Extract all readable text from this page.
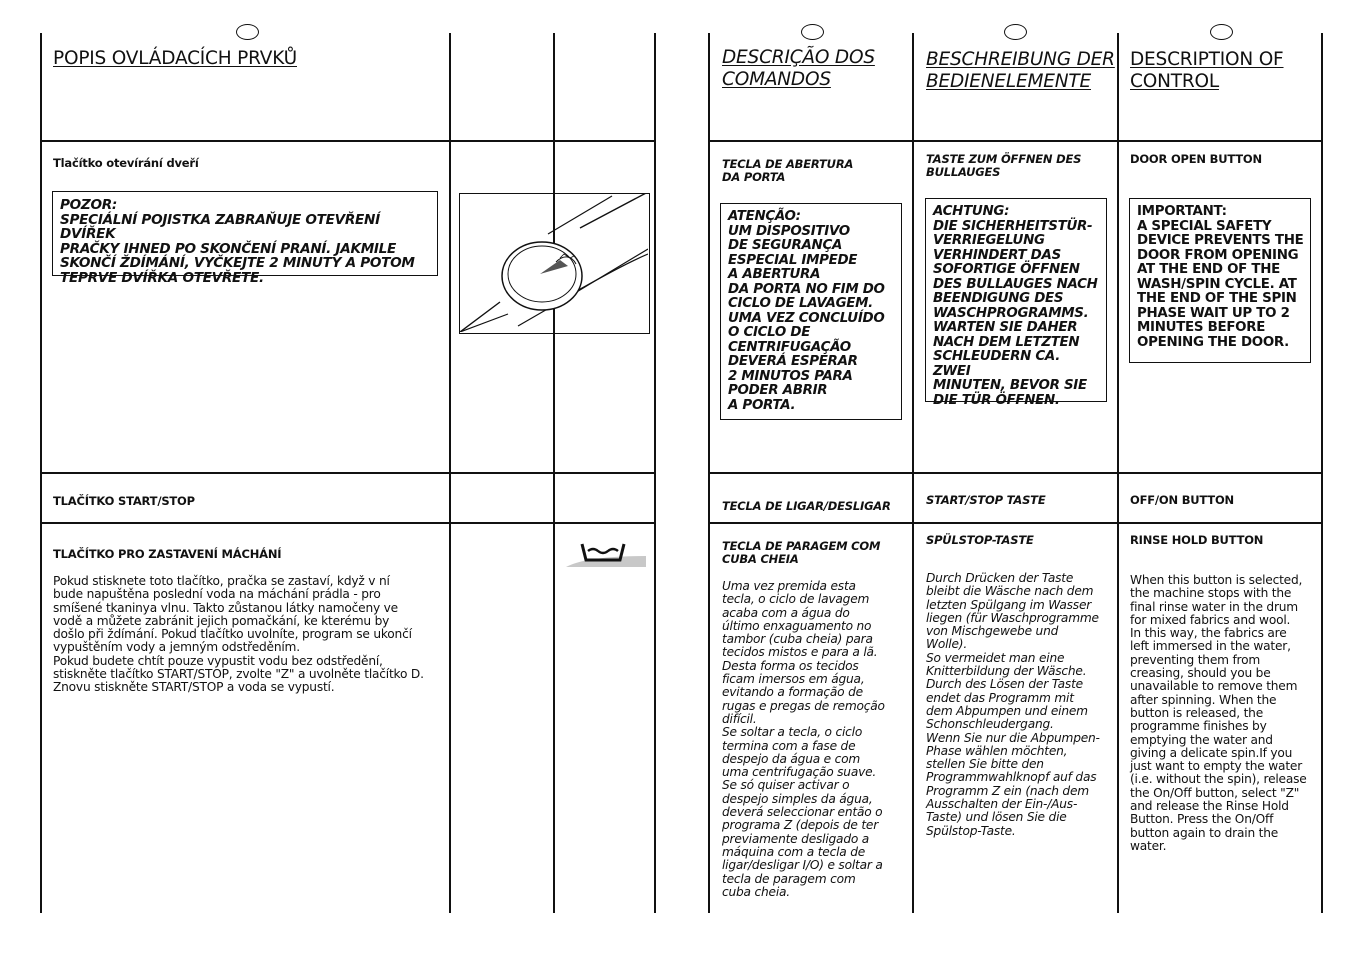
POPIS OVLÁDACÍCH PRVKŮ
Tlačítko otevírání dveří
POZOR:
SPECIÁLNÍ POJISTKA ZABRAŇUJE OTEVŘENÍ DVÍŘEK
PRAČKY IHNED PO SKONČENÍ PRANÍ. JAKMILE
SKONČÍ ŽDÍMÁNÍ, VYČKEJTE 2 MINUTY A POTOM
TEPRVE DVÍŘKA OTEVŘETE.
TLAČÍTKO START/STOP
TLAČÍTKO PRO ZASTAVENÍ MÁCHÁNÍ
Pokud stisknete toto tlačítko, pračka se zastaví, když v ní
bude napuštěna poslední voda na máchání prádla - pro
smíšené tkaninya vlnu. Takto zůstanou látky namočeny ve
vodě a můžete zabránit jejich pomačkání, ke kterému by
došlo při ždímání. Pokud tlačítko uvolníte, program se ukončí
vypuštěním vody a jemným odstředěním.
Pokud budete chtít pouze vypustit vodu bez odstředění,
stiskněte tlačítko START/STOP, zvolte "Z" a uvolněte tlačítko D.
Znovu stiskněte START/STOP a voda se vypustí.
DESCRIÇÃO DOS
COMANDOS
TECLA DE ABERTURA
DA PORTA
ATENÇÃO:
UM DISPOSITIVO
DE SEGURANÇA
ESPECIAL IMPEDE
A ABERTURA
DA PORTA NO FIM DO
CICLO DE LAVAGEM.
UMA VEZ CONCLUÍDO
O CICLO DE
CENTRIFUGAÇÃO
DEVERÁ ESPERAR
2 MINUTOS PARA
PODER ABRIR
A PORTA.
TECLA DE LIGAR/DESLIGAR
TECLA DE PARAGEM COM
CUBA CHEIA
Uma vez premida esta
tecla, o ciclo de lavagem
acaba com a água do
último enxaguamento no
tambor (cuba cheia) para
tecidos mistos e para a lã.
Desta forma os tecidos
ficam imersos em água,
evitando a formação de
rugas e pregas de remoção
difícil.
Se soltar a tecla, o ciclo
termina com a fase de
despejo da água e com
uma centrifugação suave.
Se só quiser activar o
despejo simples da água,
deverá seleccionar então o
programa Z (depois de ter
previamente desligado a
máquina com a tecla de
ligar/desligar I/O) e soltar a
tecla de paragem com
cuba cheia.
BESCHREIBUNG DER
BEDIENELEMENTE
TASTE ZUM ÖFFNEN DES
BULLAUGES
ACHTUNG:
DIE SICHERHEITSTÜR-
VERRIEGELUNG
VERHINDERT DAS
SOFORTIGE ÖFFNEN
DES BULLAUGES NACH
BEENDIGUNG DES
WASCHPROGRAMMS.
WARTEN SIE DAHER
NACH DEM LETZTEN
SCHLEUDERN CA. ZWEI
MINUTEN, BEVOR SIE
DIE TÜR ÖFFNEN.
START/STOP TASTE
SPÜLSTOP-TASTE
Durch Drücken der Taste
bleibt die Wäsche nach dem
letzten Spülgang im Wasser
liegen (für Waschprogramme
von Mischgewebe und
Wolle).
So vermeidet man eine
Knitterbildung der Wäsche.
Durch des Lösen der Taste
endet das Programm mit
dem Abpumpen und einem
Schonschleudergang.
Wenn Sie nur die Abpumpen-
Phase wählen möchten,
stellen Sie bitte den
Programmwahlknopf auf das
Programm Z ein (nach dem
Ausschalten der Ein-/Aus-
Taste) und lösen Sie die
Spülstop-Taste.
DESCRIPTION OF
CONTROL
DOOR OPEN BUTTON
IMPORTANT:
A SPECIAL SAFETY
DEVICE PREVENTS THE
DOOR FROM OPENING
AT THE END OF THE
WASH/SPIN CYCLE. AT
THE END OF THE SPIN
PHASE WAIT UP TO 2
MINUTES BEFORE
OPENING THE DOOR.
OFF/ON BUTTON
RINSE HOLD BUTTON
When this button is selected,
the machine stops with the
final rinse water in the drum
for mixed fabrics and wool.
In this way, the fabrics are
left immersed in the water,
preventing them from
creasing, should you be
unavailable to remove them
after spinning. When the
button is released, the
programme finishes by
emptying the water and
giving a delicate spin.If you
just want to empty the water
(i.e. without the spin), release
the On/Off button, select "Z"
and release the Rinse Hold
Button. Press the On/Off
button again to drain the
water.
